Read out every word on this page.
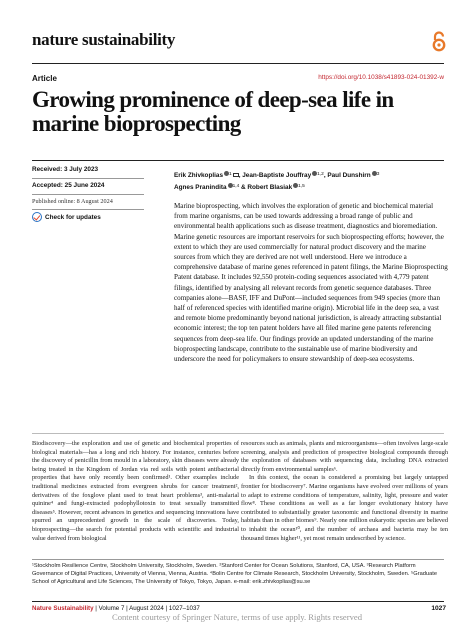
nature sustainability
Article	https://doi.org/10.1038/s41893-024-01392-w
Growing prominence of deep-sea life in marine bioprospecting
Received: 3 July 2023
Accepted: 25 June 2024
Published online: 8 August 2024
Check for updates
Erik Zhivkoplias $^1$ , Jean-Baptiste Jouffray $^{1,2}$, Paul Dunshirn $^3$
Agnes Pranindita $^{1,4}$ & Robert Blasiak $^{1,5}$
Marine bioprospecting, which involves the exploration of genetic and biochemical material from marine organisms, can be used towards addressing a broad range of public and environmental health applications such as disease treatment, diagnostics and bioremediation. Marine genetic resources are important reservoirs for such bioprospecting efforts; however, the extent to which they are used commercially for natural product discovery and the marine sources from which they are derived are not well understood. Here we introduce a comprehensive database of marine genes referenced in patent filings, the Marine Bioprospecting Patent database. It includes 92,550 protein-coding sequences associated with 4,779 patent filings, identified by analysing all relevant records from genetic sequence databases. Three companies alone—BASF, IFF and DuPont—included sequences from 949 species (more than half of referenced species with identified marine origin). Microbial life in the deep sea, a vast and remote biome predominantly beyond national jurisdiction, is already attracting substantial economic interest; the top ten patent holders have all filed marine gene patents referencing sequences from deep-sea life. Our findings provide an updated understanding of the marine bioprospecting landscape, contribute to the sustainable use of marine biodiversity and underscore the need for policymakers to ensure stewardship of deep-sea ecosystems.

Biodiscovery—the exploration and use of genetic and biochemical properties of biological materials—has a long and rich history. For instance, centuries before the discovery of penicillin from mould in a laboratory, skin diseases were already being treated in the Kingdom of Jordan via red soils with potent antibacterial properties that have only recently been confirmed¹. Other examples include traditional medicines extracted from evergreen shrubs for cancer treatment², derivatives of the foxglove plant used to treat heart problems³, anti-malarial quinine⁴ and fungi-extracted podophyllotoxin to treat sexually transmitted diseases⁵. However, recent advances in genetics and sequencing innovations have spurred an unprecedented growth in the scale of discoveries. Today, bioprospecting—the search for potential products with scientific and industrial value derived from biological

resources such as animals, plants and microorganisms—often involves large-scale screening, analysis and prediction of prospective biological compounds through the exploration of databases with sequencing data, including DNA extracted directly from environmental samples⁶.

In this context, the ocean is considered a promising but largely untapped frontier for biodiscovery⁷. Marine organisms have evolved over millions of years to adapt to extreme conditions of temperature, salinity, light, pressure and water flow⁸. These conditions as well as a far longer evolutionary history have contributed to substantially greater taxonomic and functional diversity in marine habitats than in other biomes⁹. Nearly one million eukaryotic species are believed to inhabit the ocean¹⁰, and the number of archaea and bacteria may be ten thousand times higher¹¹, yet most remain undescribed by science.

¹Stockholm Resilience Centre, Stockholm University, Stockholm, Sweden. ²Stanford Center for Ocean Solutions, Stanford, CA, USA. ³Research Platform Governance of Digital Practices, University of Vienna, Vienna, Austria. ⁴Bolin Centre for Climate Research, Stockholm University, Stockholm, Sweden. ⁵Graduate School of Agricultural and Life Sciences, The University of Tokyo, Tokyo, Japan. e-mail: erik.zhivkoplias@su.se
Nature Sustainability | Volume 7 | August 2024 | 1027–1037	1027
Content courtesy of Springer Nature, terms of use apply. Rights reserved
